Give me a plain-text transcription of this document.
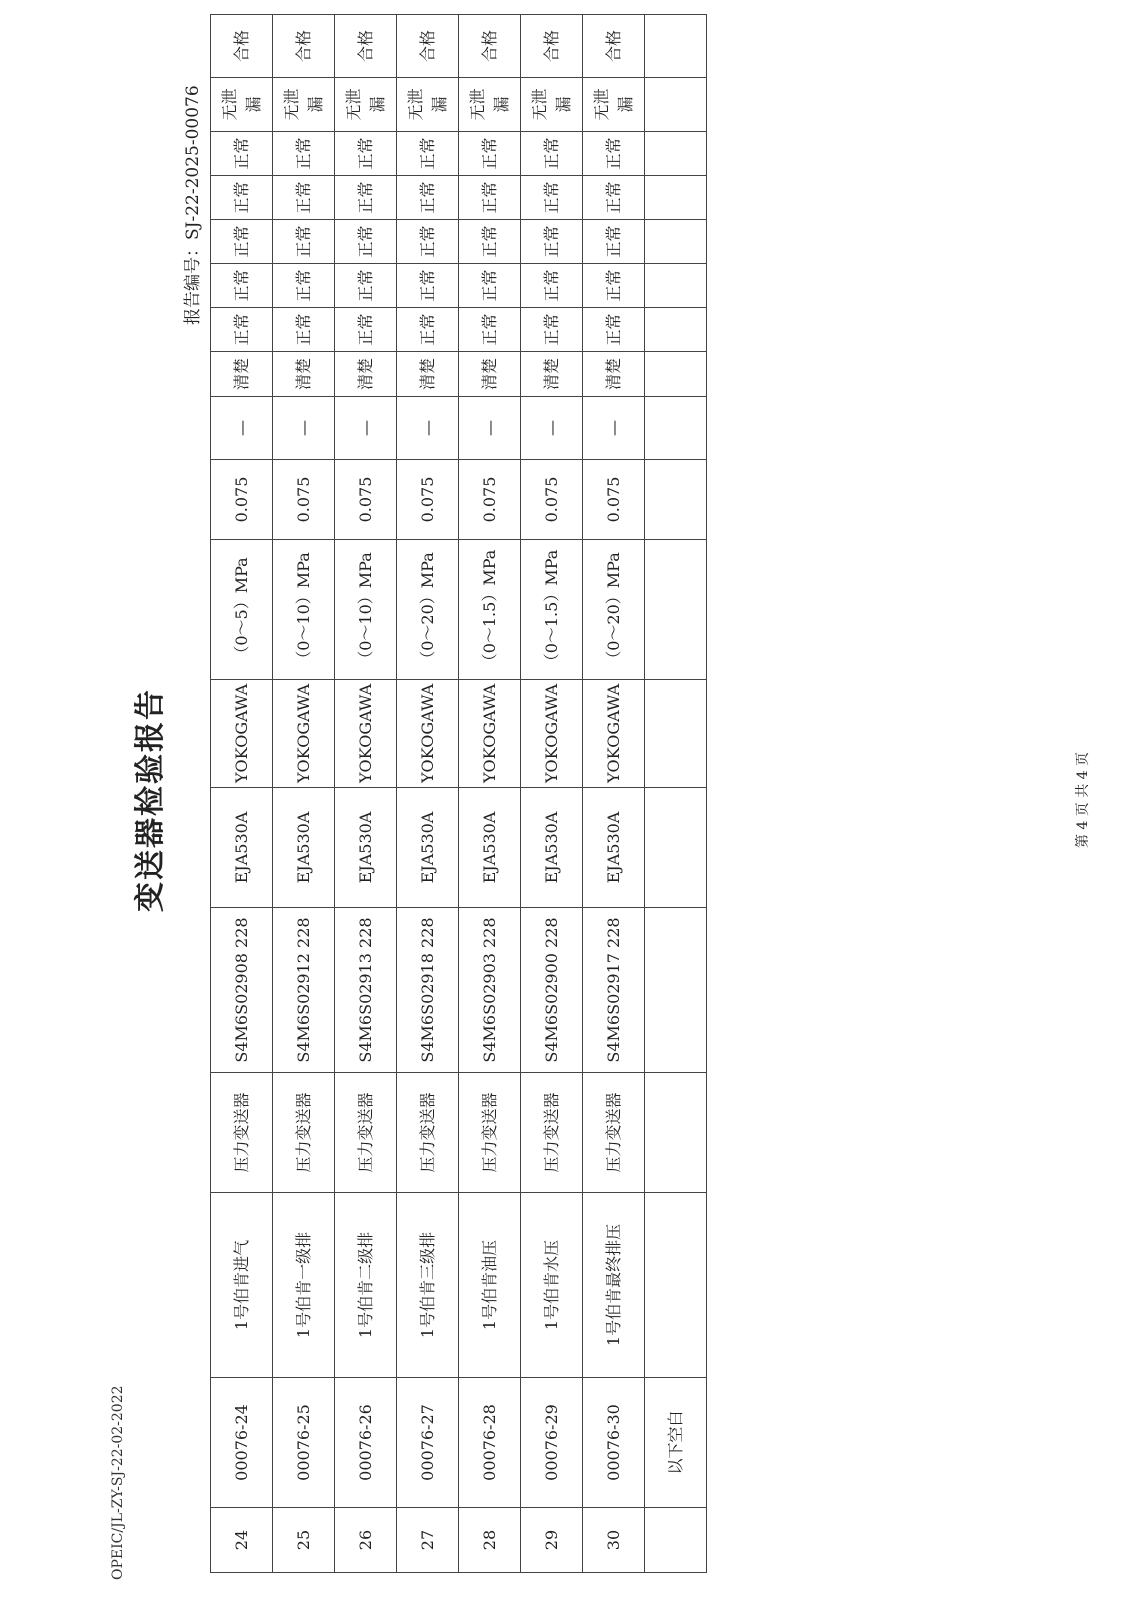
OPEIC/JL-ZY-SJ-22-02-2022
变送器检验报告
报告编号：SJ-22-2025-00076
24	00076-24	1号伯肯进气	压力变送器	S4M6S02908 228	EJA530A	YOKOGAWA	（0～5）MPa	0.075	—	清楚	正常	正常	正常	正常	正常	无泄漏	合格
25	00076-25	1号伯肯一级排	压力变送器	S4M6S02912 228	EJA530A	YOKOGAWA	（0～10）MPa	0.075	—	清楚	正常	正常	正常	正常	正常	无泄漏	合格
26	00076-26	1号伯肯二级排	压力变送器	S4M6S02913 228	EJA530A	YOKOGAWA	（0～10）MPa	0.075	—	清楚	正常	正常	正常	正常	正常	无泄漏	合格
27	00076-27	1号伯肯三级排	压力变送器	S4M6S02918 228	EJA530A	YOKOGAWA	（0～20）MPa	0.075	—	清楚	正常	正常	正常	正常	正常	无泄漏	合格
28	00076-28	1号伯肯油压	压力变送器	S4M6S02903 228	EJA530A	YOKOGAWA	（0～1.5）MPa	0.075	—	清楚	正常	正常	正常	正常	正常	无泄漏	合格
29	00076-29	1号伯肯水压	压力变送器	S4M6S02900 228	EJA530A	YOKOGAWA	（0～1.5）MPa	0.075	—	清楚	正常	正常	正常	正常	正常	无泄漏	合格
30	00076-30	1号伯肯最终排压	压力变送器	S4M6S02917 228	EJA530A	YOKOGAWA	（0～20）MPa	0.075	—	清楚	正常	正常	正常	正常	正常	无泄漏	合格
	以下空白																
第 4 页 共 4 页
